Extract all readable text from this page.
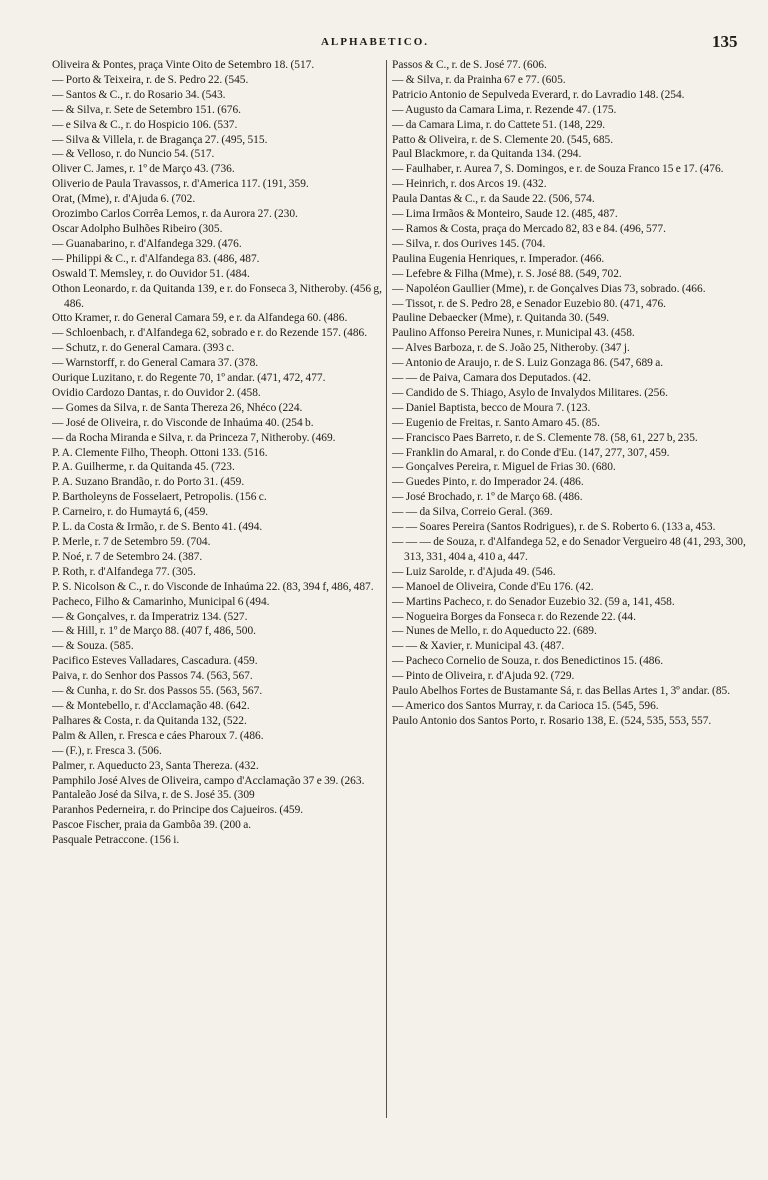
ALPHABETICO.	135
Oliveira & Pontes, praça Vinte Oito de Setembro 18. (517.
— Porto & Teixeira, r. de S. Pedro 22. (545.
— Santos & C., r. do Rosario 34. (543.
— & Silva, r. Sete de Setembro 151. (676.
— e Silva & C., r. do Hospicio 106. (537.
— Silva & Villela, r. de Bragança 27. (495, 515.
— & Velloso, r. do Nuncio 54. (517.
Oliver C. James, r. 1º de Março 43. (736.
Oliverio de Paula Travassos, r. d'America 117. (191, 359.
Orat, (Mme), r. d'Ajuda 6. (702.
Orozimbo Carlos Corrêa Lemos, r. da Aurora 27. (230.
Oscar Adolpho Bulhões Ribeiro (305.
— Guanabarino, r. d'Alfandega 329. (476.
— Philippi & C., r. d'Alfandega 83. (486, 487.
Oswald T. Memsley, r. do Ouvidor 51. (484.
Othon Leonardo, r. da Quitanda 139, e r. do Fonseca 3, Nitheroby. (456 g, 486.
Otto Kramer, r. do General Camara 59, e r. da Alfandega 60. (486.
— Schloenbach, r. d'Alfandega 62, sobrado e r. do Rezende 157. (486.
— Schutz, r. do General Camara. (393 c.
— Warnstorff, r. do General Camara 37. (378.
Ourique Luzitano, r. do Regente 70, 1º andar. (471, 472, 477.
Ovidio Cardozo Dantas, r. do Ouvidor 2. (458.
— Gomes da Silva, r. de Santa Thereza 26, Nhéco (224.
— José de Oliveira, r. do Visconde de Inhaúma 40. (254 b.
— da Rocha Miranda e Silva, r. da Princeza 7, Nitheroby. (469.
P. A. Clemente Filho, Theoph. Ottoni 133. (516.
P. A. Guilherme, r. da Quitanda 45. (723.
P. A. Suzano Brandão, r. do Porto 31. (459.
P. Bartholeyns de Fosselaert, Petropolis. (156 c.
P. Carneiro, r. do Humaytá 6, (459.
P. L. da Costa & Irmão, r. de S. Bento 41. (494.
P. Merle, r. 7 de Setembro 59. (704.
P. Noé, r. 7 de Setembro 24. (387.
P. Roth, r. d'Alfandega 77. (305.
P. S. Nicolson & C., r. do Visconde de Inhaúma 22. (83, 394 f, 486, 487.
Pacheco, Filho & Camarinho, Municipal 6 (494.
— & Gonçalves, r. da Imperatriz 134. (527.
— & Hill, r. 1º de Março 88. (407 f, 486, 500.
— & Souza. (585.
Pacifico Esteves Valladares, Cascadura. (459.
Paiva, r. do Senhor dos Passos 74. (563, 567.
— & Cunha, r. do Sr. dos Passos 55. (563, 567.
— & Montebello, r. d'Acclamação 48. (642.
Palhares & Costa, r. da Quitanda 132, (522.
Palm & Allen, r. Fresca e cáes Pharoux 7. (486.
— (F.), r. Fresca 3. (506.
Palmer, r. Aqueducto 23, Santa Thereza. (432.
Pamphilo José Alves de Oliveira, campo d'Acclamação 37 e 39. (263.
Pantaleão José da Silva, r. de S. José 35. (309
Paranhos Pederneira, r. do Principe dos Cajueiros. (459.
Pascoe Fischer, praia da Gambôa 39. (200 a.
Pasquale Petraccone. (156 i.
Passos & C., r. de S. José 77. (606.
— & Silva, r. da Prainha 67 e 77. (605.
Patricio Antonio de Sepulveda Everard, r. do Lavradio 148. (254.
— Augusto da Camara Lima, r. Rezende 47. (175.
— da Camara Lima, r. do Cattete 51. (148, 229.
Patto & Oliveira, r. de S. Clemente 20. (545, 685.
Paul Blackmore, r. da Quitanda 134. (294.
— Faulhaber, r. Aurea 7, S. Domingos, e r. de Souza Franco 15 e 17. (476.
— Heinrich, r. dos Arcos 19. (432.
Paula Dantas & C., r. da Saude 22. (506, 574.
— Lima Irmãos & Monteiro, Saude 12. (485, 487.
— Ramos & Costa, praça do Mercado 82, 83 e 84. (496, 577.
— Silva, r. dos Ourives 145. (704.
Paulina Eugenia Henriques, r. Imperador. (466.
— Lefebre & Filha (Mme), r. S. José 88. (549, 702.
— Napoléon Gaullier (Mme), r. de Gonçalves Dias 73, sobrado. (466.
— Tissot, r. de S. Pedro 28, e Senador Euzebio 80. (471, 476.
Pauline Debaecker (Mme), r. Quitanda 30. (549.
Paulino Affonso Pereira Nunes, r. Municipal 43. (458.
— Alves Barboza, r. de S. João 25, Nitheroby. (347 j.
— Antonio de Araujo, r. de S. Luiz Gonzaga 86. (547, 689 a.
— — de Paiva, Camara dos Deputados. (42.
— Candido de S. Thiago, Asylo de Invalydos Militares. (256.
— Daniel Baptista, becco de Moura 7. (123.
— Eugenio de Freitas, r. Santo Amaro 45. (85.
— Francisco Paes Barreto, r. de S. Clemente 78. (58, 61, 227 b, 235.
— Franklin do Amaral, r. do Conde d'Eu. (147, 277, 307, 459.
— Gonçalves Pereira, r. Miguel de Frias 30. (680.
— Guedes Pinto, r. do Imperador 24. (486.
— José Brochado, r. 1º de Março 68. (486.
— — da Silva, Correio Geral. (369.
— — Soares Pereira (Santos Rodrigues), r. de S. Roberto 6. (133 a, 453.
— — — de Souza, r. d'Alfandega 52, e do Senador Vergueiro 48 (41, 293, 300, 313, 331, 404 a, 410 a, 447.
— Luiz Sarolde, r. d'Ajuda 49. (546.
— Manoel de Oliveira, Conde d'Eu 176. (42.
— Martins Pacheco, r. do Senador Euzebio 32. (59 a, 141, 458.
— Nogueira Borges da Fonseca r. do Rezende 22. (44.
— Nunes de Mello, r. do Aqueducto 22. (689.
— — & Xavier, r. Municipal 43. (487.
— Pacheco Cornelio de Souza, r. dos Benedictinos 15. (486.
— Pinto de Oliveira, r. d'Ajuda 92. (729.
Paulo Abelhos Fortes de Bustamante Sá, r. das Bellas Artes 1, 3º andar. (85.
— Americo dos Santos Murray, r. da Carioca 15. (545, 596.
Paulo Antonio dos Santos Porto, r. Rosario 138, E. (524, 535, 553, 557.
